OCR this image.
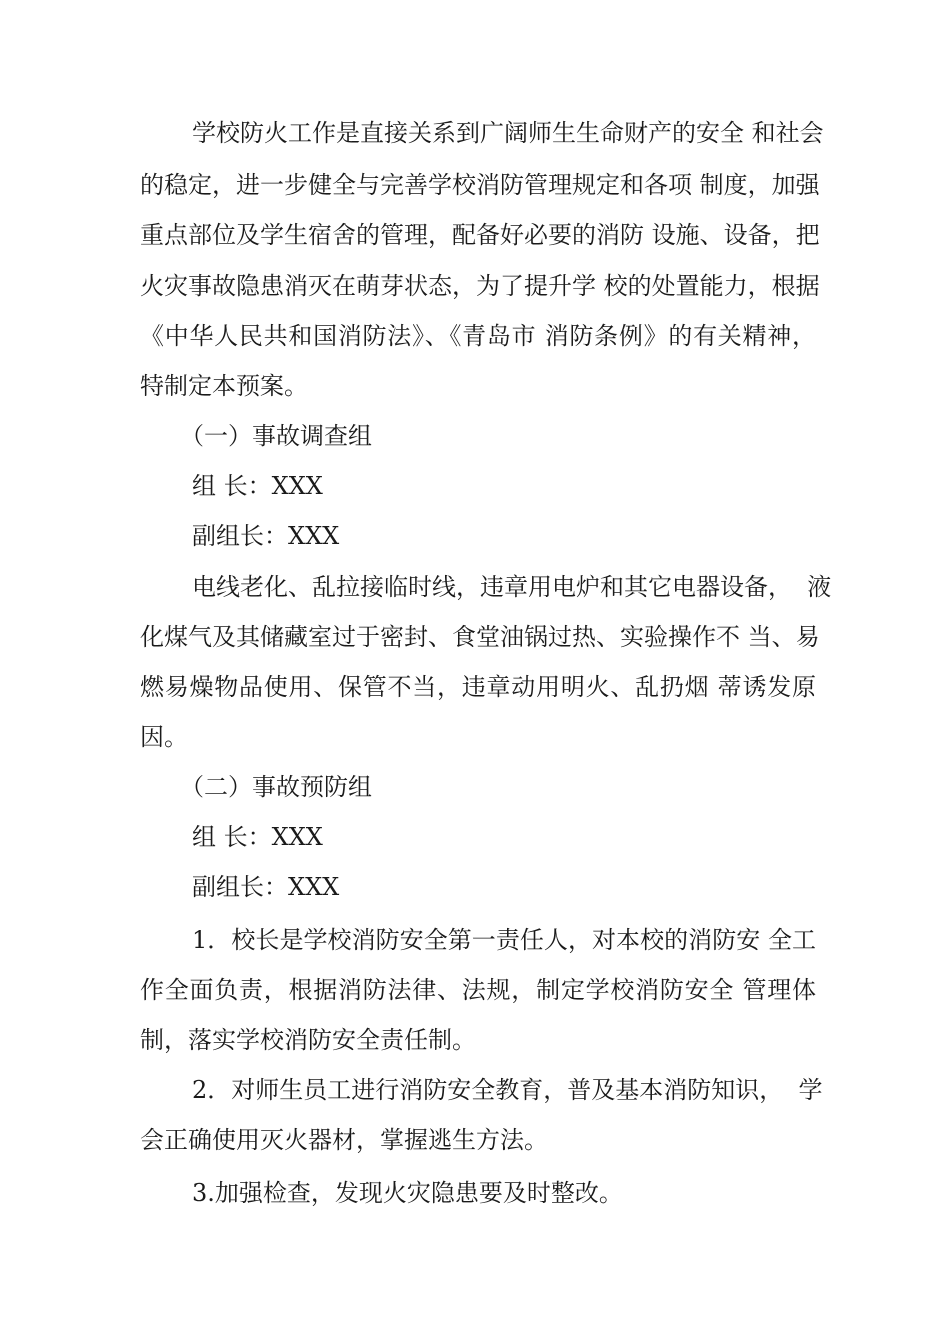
学校防火工作是直接关系到广阔师生生命财产的安全 和社会
的稳定，进一步健全与完善学校消防管理规定和各项 制度，加强
重点部位及学生宿舍的管理，配备好必要的消防 设施、设备，把
火灾事故隐患消灭在萌芽状态，为了提升学 校的处置能力，根据
《中华人民共和国消防法》、《青岛市 消防条例》的有关精神，
特制定本预案。
（一）事故调查组
组 长：XXX
副组长：XXX
电线老化、乱拉接临时线，违章用电炉和其它电器设备，  液
化煤气及其储藏室过于密封、食堂油锅过热、实验操作不 当、易
燃易燥物品使用、保管不当，违章动用明火、乱扔烟 蒂诱发原
因。
（二）事故预防组
组 长：XXX
副组长：XXX
1．校长是学校消防安全第一责任人，对本校的消防安 全工
作全面负责，根据消防法律、法规，制定学校消防安全 管理体
制，落实学校消防安全责任制。
2．对师生员工进行消防安全教育，普及基本消防知识，  学
会正确使用灭火器材，掌握逃生方法。
3.加强检查，发现火灾隐患要及时整改。
